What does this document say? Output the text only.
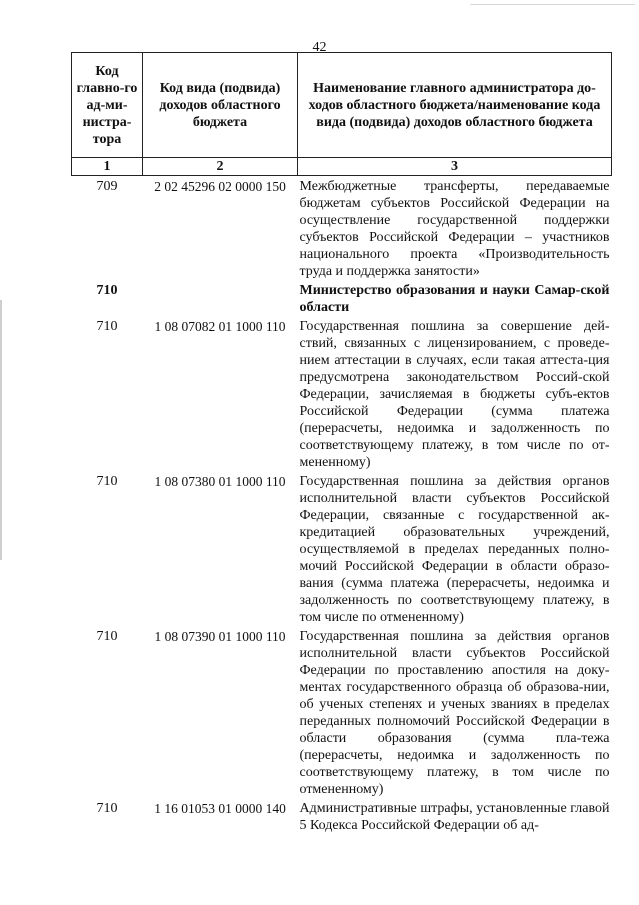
42
Код главно-го ад-ми-нистра-тора	Код вида (подвида) доходов областного бюджета	Наименование главного администратора до-ходов областного бюджета/наименование кода вида (подвида) доходов областного бюджета
1	2	3
709	2 02 45296 02 0000 150	Межбюджетные трансферты, передаваемые бюджетам субъектов Российской Федерации на осуществление государственной поддержки субъектов Российской Федерации – участников национального проекта «Производительность труда и поддержка занятости»
710		Министерство образования и науки Самар-ской области
710	1 08 07082 01 1000 110	Государственная пошлина за совершение дей-ствий, связанных с лицензированием, с проведе-нием аттестации в случаях, если такая аттеста-ция предусмотрена законодательством Россий-ской Федерации, зачисляемая в бюджеты субъ-ектов Российской Федерации (сумма платежа (перерасчеты, недоимка и задолженность по соответствующему платежу, в том числе по от-мененному)
710	1 08 07380 01 1000 110	Государственная пошлина за действия органов исполнительной власти субъектов Российской Федерации, связанные с государственной ак-кредитацией образовательных учреждений, осуществляемой в пределах переданных полно-мочий Российской Федерации в области образо-вания (сумма платежа (перерасчеты, недоимка и задолженность по соответствующему платежу, в том числе по отмененному)
710	1 08 07390 01 1000 110	Государственная пошлина за действия органов исполнительной власти субъектов Российской Федерации по проставлению апостиля на доку-ментах государственного образца об образова-нии, об ученых степенях и ученых званиях в пределах переданных полномочий Российской Федерации в области образования (сумма пла-тежа (перерасчеты, недоимка и задолженность по соответствующему платежу, в том числе по отмененному)
710	1 16 01053 01 0000 140	Административные штрафы, установленные главой 5 Кодекса Российской Федерации об ад-
